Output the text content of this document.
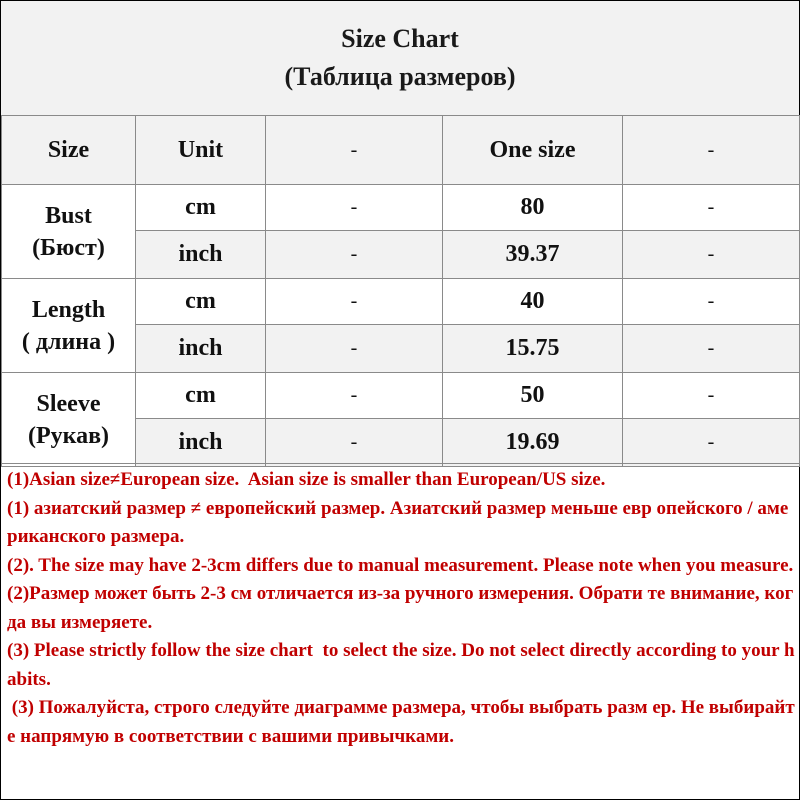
Size Chart
(Таблица размеров)
Size	Unit	-	One size	-

Bust
(Бюст)	cm	-	80	-
	inch	-	39.37	-

Length
( длина )	cm	-	40	-
	inch	-	15.75	-

Sleeve
(Рукав)	cm	-	50	-
	inch	-	19.69	-

(1)Asian size≠European size.  Asian size is smaller than European/US size.

(1) азиатский размер ≠ европейский размер. Азиатский размер меньше евр опейского / американского размера.

(2). The size may have 2-3cm differs due to manual measurement. Please note when you measure.

(2)Размер может быть 2-3 см отличается из-за ручного измерения. Обрати те внимание, когда вы измеряете.

(3) Please strictly follow the size chart  to select the size. Do not select directly according to your habits.

(3) Пожалуйста, строго следуйте диаграмме размера, чтобы выбрать разм ер. Не выбирайте напрямую в соответствии с вашими привычками.
